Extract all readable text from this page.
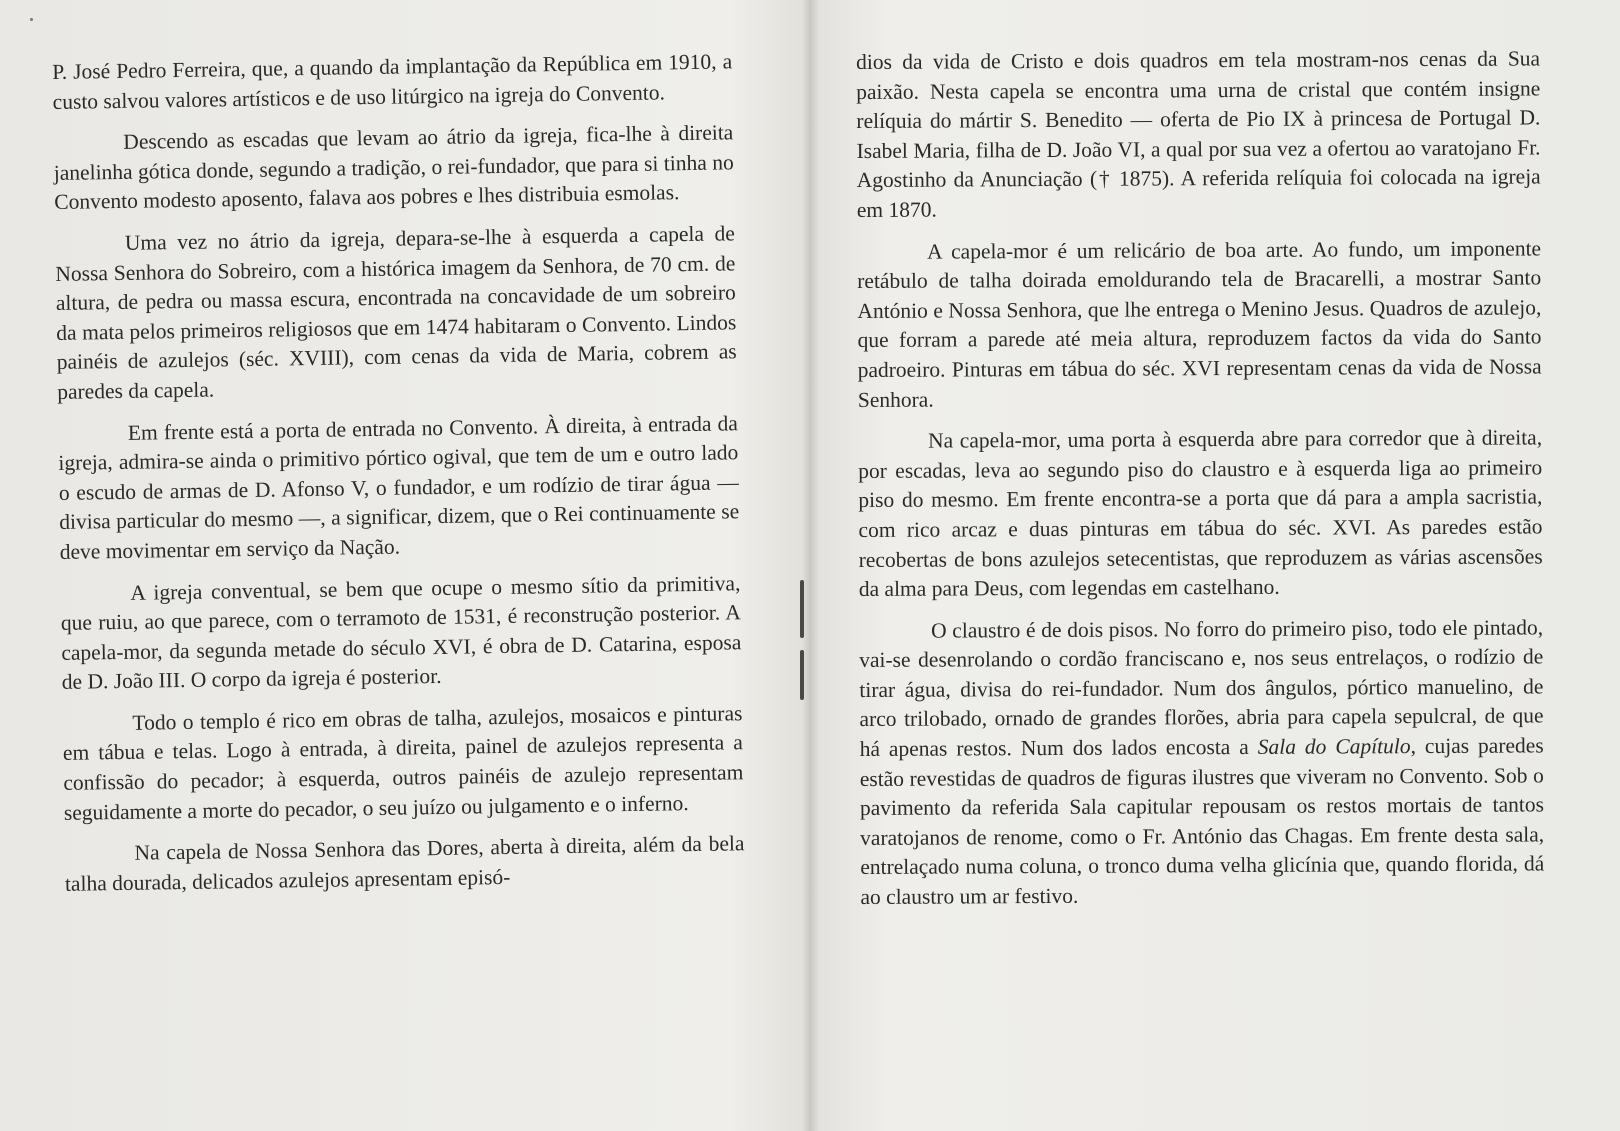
P. José Pedro Ferreira, que, a quando da implantação da República em 1910, a custo salvou valores artísticos e de uso litúrgico na igreja do Convento.

Descendo as escadas que levam ao átrio da igreja, fica-lhe à direita janelinha gótica donde, segundo a tradição, o rei-fundador, que para si tinha no Convento modesto aposento, falava aos pobres e lhes distribuia esmolas.

Uma vez no átrio da igreja, depara-se-lhe à esquerda a capela de Nossa Senhora do Sobreiro, com a histórica imagem da Senhora, de 70 cm. de altura, de pedra ou massa escura, encontrada na concavidade de um sobreiro da mata pelos primeiros religiosos que em 1474 habitaram o Convento. Lindos painéis de azulejos (séc. XVIII), com cenas da vida de Maria, cobrem as paredes da capela.

Em frente está a porta de entrada no Convento. À direita, à entrada da igreja, admira-se ainda o primitivo pórtico ogival, que tem de um e outro lado o escudo de armas de D. Afonso V, o fundador, e um rodízio de tirar água — divisa particular do mesmo —, a significar, dizem, que o Rei continuamente se deve movimentar em serviço da Nação.

A igreja conventual, se bem que ocupe o mesmo sítio da primitiva, que ruiu, ao que parece, com o terramoto de 1531, é reconstrução posterior. A capela-mor, da segunda metade do século XVI, é obra de D. Catarina, esposa de D. João III. O corpo da igreja é posterior.

Todo o templo é rico em obras de talha, azulejos, mosaicos e pinturas em tábua e telas. Logo à entrada, à direita, painel de azulejos representa a confissão do pecador; à esquerda, outros painéis de azulejo representam seguidamente a morte do pecador, o seu juízo ou julgamento e o inferno.

Na capela de Nossa Senhora das Dores, aberta à direita, além da bela talha dourada, delicados azulejos apresentam episó-

dios da vida de Cristo e dois quadros em tela mostram-nos cenas da Sua paixão. Nesta capela se encontra uma urna de cristal que contém insigne relíquia do mártir S. Benedito — oferta de Pio IX à princesa de Portugal D. Isabel Maria, filha de D. João VI, a qual por sua vez a ofertou ao varatojano Fr. Agostinho da Anunciação († 1875). A referida relíquia foi colocada na igreja em 1870.

A capela-mor é um relicário de boa arte. Ao fundo, um imponente retábulo de talha doirada emoldurando tela de Bracarelli, a mostrar Santo António e Nossa Senhora, que lhe entrega o Menino Jesus. Quadros de azulejo, que forram a parede até meia altura, reproduzem factos da vida do Santo padroeiro. Pinturas em tábua do séc. XVI representam cenas da vida de Nossa Senhora.

Na capela-mor, uma porta à esquerda abre para corredor que à direita, por escadas, leva ao segundo piso do claustro e à esquerda liga ao primeiro piso do mesmo. Em frente encontra-se a porta que dá para a ampla sacristia, com rico arcaz e duas pinturas em tábua do séc. XVI. As paredes estão recobertas de bons azulejos setecentistas, que reproduzem as várias ascensões da alma para Deus, com legendas em castelhano.

O claustro é de dois pisos. No forro do primeiro piso, todo ele pintado, vai-se desenrolando o cordão franciscano e, nos seus entrelaços, o rodízio de tirar água, divisa do rei-fundador. Num dos ângulos, pórtico manuelino, de arco trilobado, ornado de grandes florões, abria para capela sepulcral, de que há apenas restos. Num dos lados encosta a Sala do Capítulo, cujas paredes estão revestidas de quadros de figuras ilustres que viveram no Convento. Sob o pavimento da referida Sala capitular repousam os restos mortais de tantos varatojanos de renome, como o Fr. António das Chagas. Em frente desta sala, entrelaçado numa coluna, o tronco duma velha glicínia que, quando florida, dá ao claustro um ar festivo.
